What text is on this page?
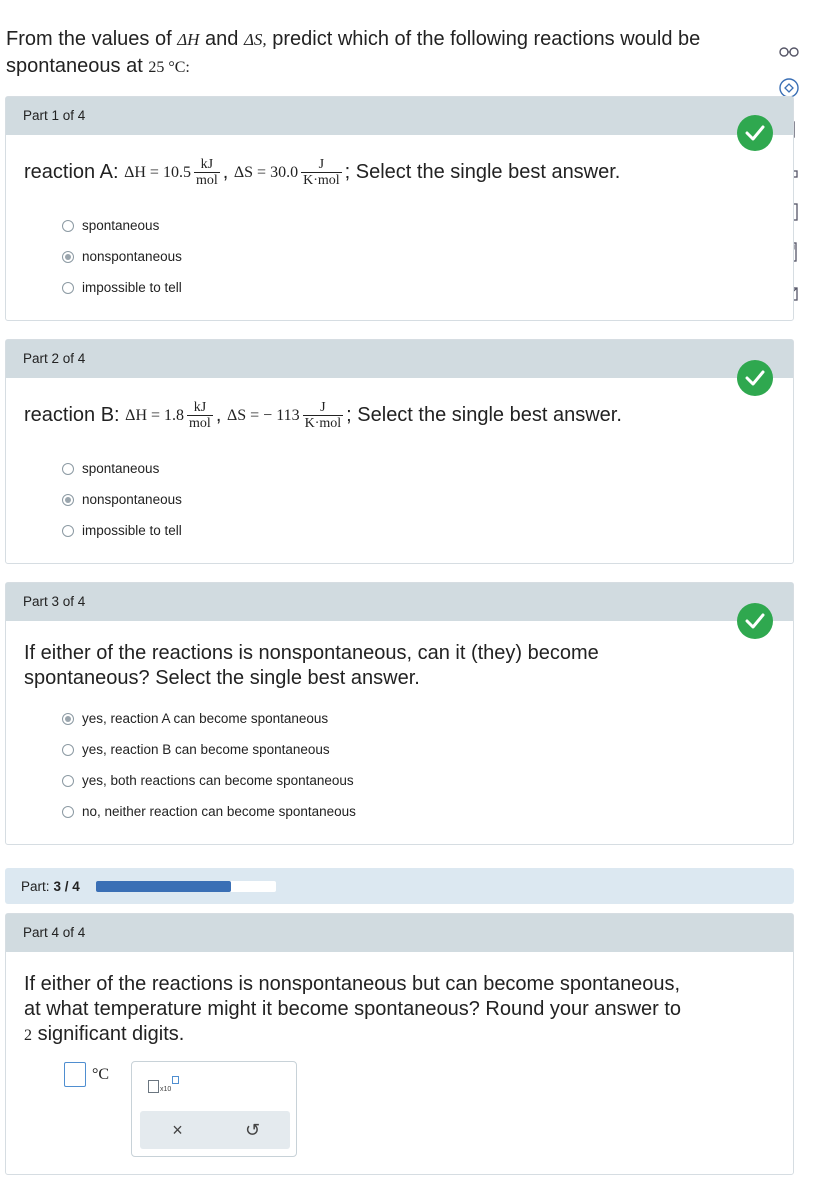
From the values of ΔH and ΔS, predict which of the following reactions would be
spontaneous at 25 °C:
Part 1 of 4
reaction A:
$\Delta H = 10.5 \frac{kJ}{\text{mol}}$ ,
$\Delta S = 30.0 \frac{J}{\text{K·mol}}$ ;
Select the single best answer.
spontaneous
nonspontaneous
impossible to tell
Part 2 of 4
reaction B:
$\Delta H = 1.8 \frac{kJ}{\text{mol}}$ ,
ΔS = − $113 \frac{J}{\text{K·mol}}$ ;
Select the single best answer.
spontaneous
nonspontaneous
impossible to tell
Part 3 of 4
If either of the reactions is nonspontaneous, can it (they) become
spontaneous? Select the single best answer.
yes, reaction A can become spontaneous
yes, reaction B can become spontaneous
yes, both reactions can become spontaneous
no, neither reaction can become spontaneous
Part: 3 / 4
Part 4 of 4
If either of the reactions is nonspontaneous but can become spontaneous,
at what temperature might it become spontaneous? Round your answer to
2 significant digits.
°C
x10
×	↺
